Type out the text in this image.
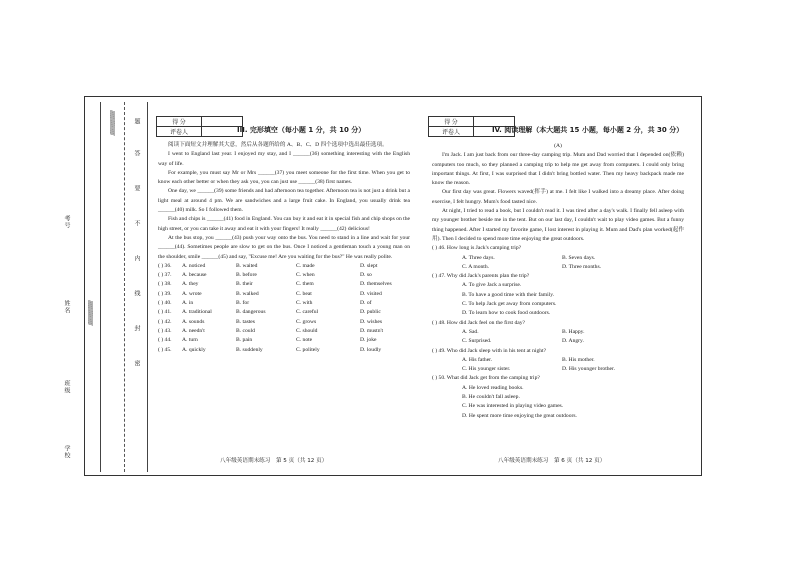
//////////////////////////
//////////////////////////
学校
班级
姓名
考号
密
封
线
内
不
要
答
题	得 分	
评卷人		III. 完形填空（每小题 1 分，共 10 分）

阅读下面短文并理解其大意，然后从各题所给的 A、B、C、D 四个选项中选出最佳选项。

I went to England last year. I enjoyed my stay, and I ______(36) something interesting with the English way of life.

For example, you must say Mr or Mrs ______(37) you meet someone for the first time. When you get to know each other better or when they ask you, you can just use ______(38) first names.

One day, we ______(39) some friends and had afternoon tea together. Afternoon tea is not just a drink but a light meal at around 4 pm. We are sandwiches and a large fruit cake. In England, you usually drink tea ______(40) milk. So I followed them.

Fish and chips is ______(41) food in England. You can buy it and eat it in special fish and chip shops on the high street, or you can take it away and eat it with your fingers! It really ______(42) delicious!

At the bus stop, you ______(43) push your way onto the bus. You need to stand in a line and wait for your ______(44). Sometimes people are slow to get on the bus. Once I noticed a gentleman touch a young man on the shoulder, smile ______(45) and say, "Excuse me! Are you waiting for the bus?" He was really polite.

( ) 36.	A. noticed	B. waited	C. made	D. slept
( ) 37.	A. because	B. before	C. when	D. so
( ) 38.	A. they	B. their	C. them	D. themselves
( ) 39.	A. wrote	B. walked	C. beat	D. visited
( ) 40.	A. in	B. for	C. with	D. of
( ) 41.	A. traditional	B. dangerous	C. careful	D. public
( ) 42.	A. sounds	B. tastes	C. grows	D. wishes
( ) 43.	A. needn't	B. could	C. should	D. mustn't
( ) 44.	A. turn	B. pain	C. note	D. joke
( ) 45.	A. quickly	B. suddenly	C. politely	D. loudly
八年级英语期末练习　第 5 页（共 12 页）
得 分	
评卷人		IV. 阅读理解（本大题共 15 小题，每小题 2 分，共 30 分）

(A)

I'm Jack. I am just back from our three-day camping trip. Mum and Dad worried that I depended on(依赖) computers too much, so they planned a camping trip to help me get away from computers. I could only bring important things. At first, I was surprised that I didn't bring bottled water. Then my heavy backpack made me know the reason.

Our first day was great. Flowers waved(挥手) at me. I felt like I walked into a dreamy place. After doing exercise, I felt hungry. Mum's food tasted nice.

At night, I tried to read a book, but I couldn't read it. I was tired after a day's walk. I finally fell asleep with my younger brother beside me in the tent. But on our last day, I couldn't wait to play video games. But a funny thing happened. After I started my favorite game, I lost interest in playing it. Mum and Dad's plan worked(起作用). Then I decided to spend more time enjoying the great outdoors.

( ) 46. How long is Jack's camping trip?
A. Three days.	B. Seven days.
C. A month.	D. Three months.
( ) 47. Why did Jack's parents plan the trip?
A. To give Jack a surprise.
B. To have a good time with their family.
C. To help Jack get away from computers.
D. To learn how to cook food outdoors.
( ) 48. How did Jack feel on the first day?
A. Sad.	B. Happy.
C. Surprised.	D. Angry.
( ) 49. Who did Jack sleep with in his tent at night?
A. His father.	B. His mother.
C. His younger sister.	D. His younger brother.
( ) 50. What did Jack get from the camping trip?
A. He loved reading books.
B. He couldn't fall asleep.
C. He was interested in playing video games.
D. He spent more time enjoying the great outdoors.
八年级英语期末练习　第 6 页（共 12 页）
